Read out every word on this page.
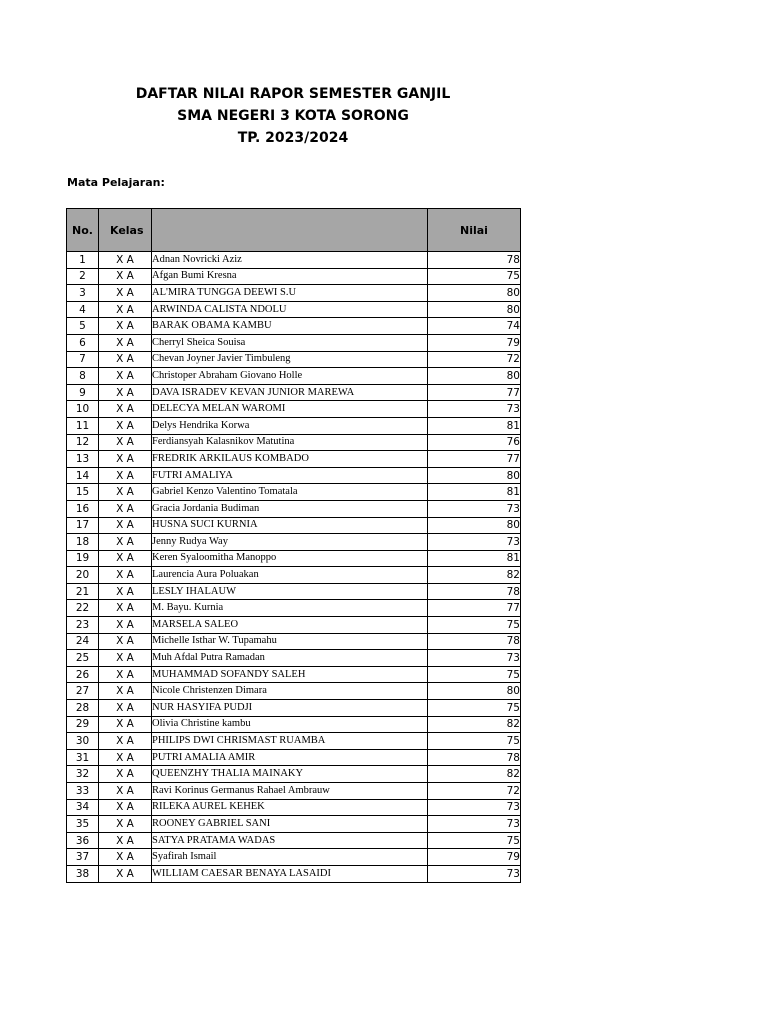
DAFTAR NILAI RAPOR SEMESTER GANJIL
SMA NEGERI 3 KOTA SORONG
TP. 2023/2024
Mata Pelajaran:
No.	Kelas		Nilai
1	X A	Adnan Novricki Aziz	78
2	X A	Afgan Bumi Kresna	75
3	X A	AL'MIRA TUNGGA DEEWI S.U	80
4	X A	ARWINDA CALISTA NDOLU	80
5	X A	BARAK OBAMA KAMBU	74
6	X A	Cherryl Sheica Souisa	79
7	X A	Chevan Joyner Javier Timbuleng	72
8	X A	Christoper Abraham Giovano Holle	80
9	X A	DAVA ISRADEV KEVAN JUNIOR MAREWA	77
10	X A	DELECYA MELAN WAROMI	73
11	X A	Delys Hendrika Korwa	81
12	X A	Ferdiansyah Kalasnikov Matutina	76
13	X A	FREDRIK ARKILAUS KOMBADO	77
14	X A	FUTRI AMALIYA	80
15	X A	Gabriel Kenzo Valentino Tomatala	81
16	X A	Gracia Jordania Budiman	73
17	X A	HUSNA SUCI KURNIA	80
18	X A	Jenny Rudya Way	73
19	X A	Keren Syaloomitha Manoppo	81
20	X A	Laurencia Aura Poluakan	82
21	X A	LESLY IHALAUW	78
22	X A	M. Bayu. Kurnia	77
23	X A	MARSELA SALEO	75
24	X A	Michelle Isthar W. Tupamahu	78
25	X A	Muh Afdal Putra Ramadan	73
26	X A	MUHAMMAD SOFANDY SALEH	75
27	X A	Nicole Christenzen Dimara	80
28	X A	NUR HASYIFA PUDJI	75
29	X A	Olivia Christine kambu	82
30	X A	PHILIPS DWI CHRISMAST RUAMBA	75
31	X A	PUTRI AMALIA AMIR	78
32	X A	QUEENZHY THALIA MAINAKY	82
33	X A	Ravi Korinus Germanus Rahael Ambrauw	72
34	X A	RILEKA AUREL KEHEK	73
35	X A	ROONEY GABRIEL SANI	73
36	X A	SATYA PRATAMA WADAS	75
37	X A	Syafirah Ismail	79
38	X A	WILLIAM CAESAR BENAYA LASAIDI	73
